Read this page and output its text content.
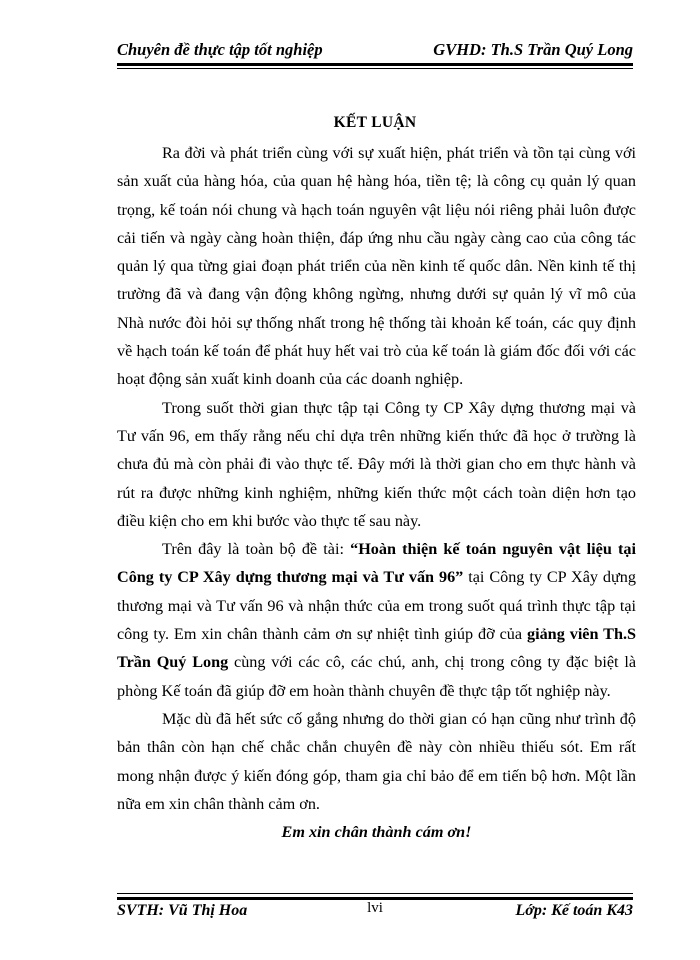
Chuyên đề thực tập tốt nghiệp	GVHD: Th.S Trần Quý Long
KẾT LUẬN

Ra đời và phát triển cùng với sự xuất hiện, phát triển và tồn tại cùng với sản xuất của hàng hóa, của quan hệ hàng hóa, tiền tệ; là công cụ quản lý quan trọng, kế toán nói chung và hạch toán nguyên vật liệu nói riêng phải luôn được cải tiến và ngày càng hoàn thiện, đáp ứng nhu cầu ngày càng cao của công tác quản lý qua từng giai đoạn phát triển của nền kinh tế quốc dân. Nền kinh tế thị trường đã và đang vận động không ngừng, nhưng dưới sự quản lý vĩ mô của Nhà nước đòi hỏi sự thống nhất trong hệ thống tài khoản kế toán, các quy định về hạch toán kế toán để phát huy hết vai trò của kế toán là giám đốc đối với các hoạt động sản xuất kinh doanh của các doanh nghiệp.

Trong suốt thời gian thực tập tại Công ty CP Xây dựng thương mại và Tư vấn 96, em thấy rằng nếu chỉ dựa trên những kiến thức đã học ở trường là chưa đủ mà còn phải đi vào thực tế. Đây mới là thời gian cho em thực hành và rút ra được những kinh nghiệm, những kiến thức một cách toàn diện hơn tạo điều kiện cho em khi bước vào thực tế sau này.

Trên đây là toàn bộ đề tài: “Hoàn thiện kế toán nguyên vật liệu tại Công ty CP Xây dựng thương mại và Tư vấn 96” tại Công ty CP Xây dựng thương mại và Tư vấn 96 và nhận thức của em trong suốt quá trình thực tập tại công ty. Em xin chân thành cảm ơn sự nhiệt tình giúp đỡ của giảng viên Th.S Trần Quý Long cùng với các cô, các chú, anh, chị trong công ty đặc biệt là phòng Kế toán đã giúp đỡ em hoàn thành chuyên đề thực tập tốt nghiệp này.

Mặc dù đã hết sức cố gắng nhưng do thời gian có hạn cũng như trình độ bản thân còn hạn chế chắc chắn chuyên đề này còn nhiều thiếu sót. Em rất mong nhận được ý kiến đóng góp, tham gia chỉ bảo để em tiến bộ hơn. Một lần nữa em xin chân thành cảm ơn.

Em xin chân thành cám ơn!

SVTH: Vũ Thị Hoa	lvi	Lớp: Kế toán K43
